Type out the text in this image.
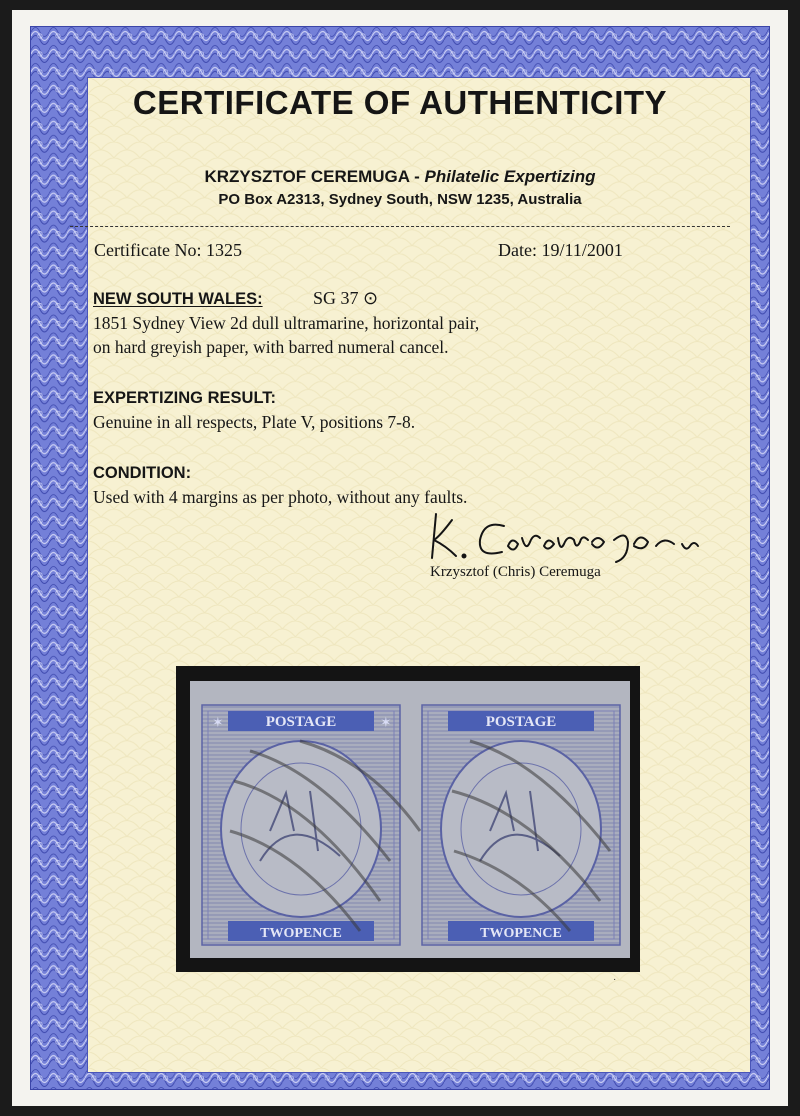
CERTIFICATE OF AUTHENTICITY
KRZYSZTOF CEREMUGA - Philatelic Expertizing
PO Box A2313, Sydney South, NSW 1235, Australia
Certificate No: 1325	Date: 19/11/2001
NEW SOUTH WALES:	SG 37 ⊙
1851 Sydney View 2d dull ultramarine, horizontal pair,
on hard greyish paper, with barred numeral cancel.
EXPERTIZING RESULT:
Genuine in all respects, Plate V, positions 7-8.
CONDITION:
Used with 4 margins as per photo, without any faults.
Krzysztof (Chris) Ceremuga
✶	✶
·
POSTAGE
TWOPENCE
POSTAGE
TWOPENCE
